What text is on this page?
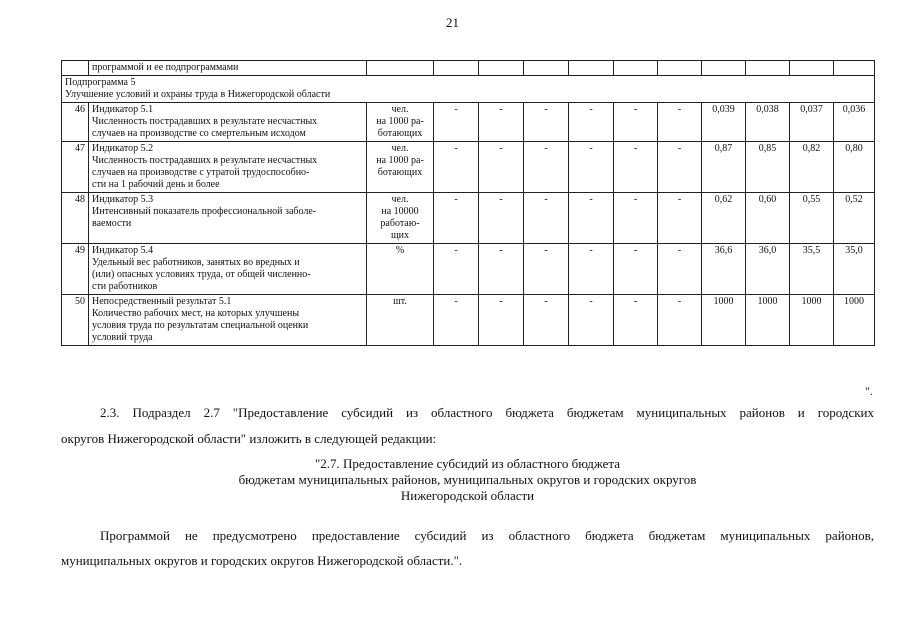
21
	программой и ее подпрограммами											

Подпрограмма 5
Улучшение условий и охраны труда в Нижегородской области												

46	Индикатор 5.1
Численность пострадавших в результате несчастных
случаев на производстве со смертельным исходом	чел.
на 1000 ра-
ботающих	-	-	-	-	-	-	0,039	0,038	0,037	0,036
47	Индикатор 5.2
Численность пострадавших в результате несчастных
случаев на производстве с утратой трудоспособно-
сти на 1 рабочий день и более	чел.
на 1000 ра-
ботающих	-	-	-	-	-	-	0,87	0,85	0,82	0,80
48	Индикатор 5.3
Интенсивный показатель профессиональной заболе-
ваемости	чел.
на 10000
работаю-
щих	-	-	-	-	-	-	0,62	0,60	0,55	0,52
49	Индикатор 5.4
Удельный вес работников, занятых во вредных и
(или) опасных условиях труда, от общей численно-
сти работников	%	-	-	-	-	-	-	36,6	36,0	35,5	35,0
50	Непосредственный результат 5.1
Количество рабочих мест, на которых улучшены
условия труда по результатам специальной оценки
условий труда	шт.	-	-	-	-	-	-	1000	1000	1000	1000
".
2.3. Подраздел 2.7 "Предоставление субсидий из областного бюджета бюджетам муниципальных районов и городских
округов Нижегородской области" изложить в следующей редакции:
"2.7. Предоставление субсидий из областного бюджета
бюджетам муниципальных районов, муниципальных округов и городских округов
Нижегородской области
Программой не предусмотрено предоставление субсидий из областного бюджета бюджетам муниципальных районов,
муниципальных округов и городских округов Нижегородской области.".
